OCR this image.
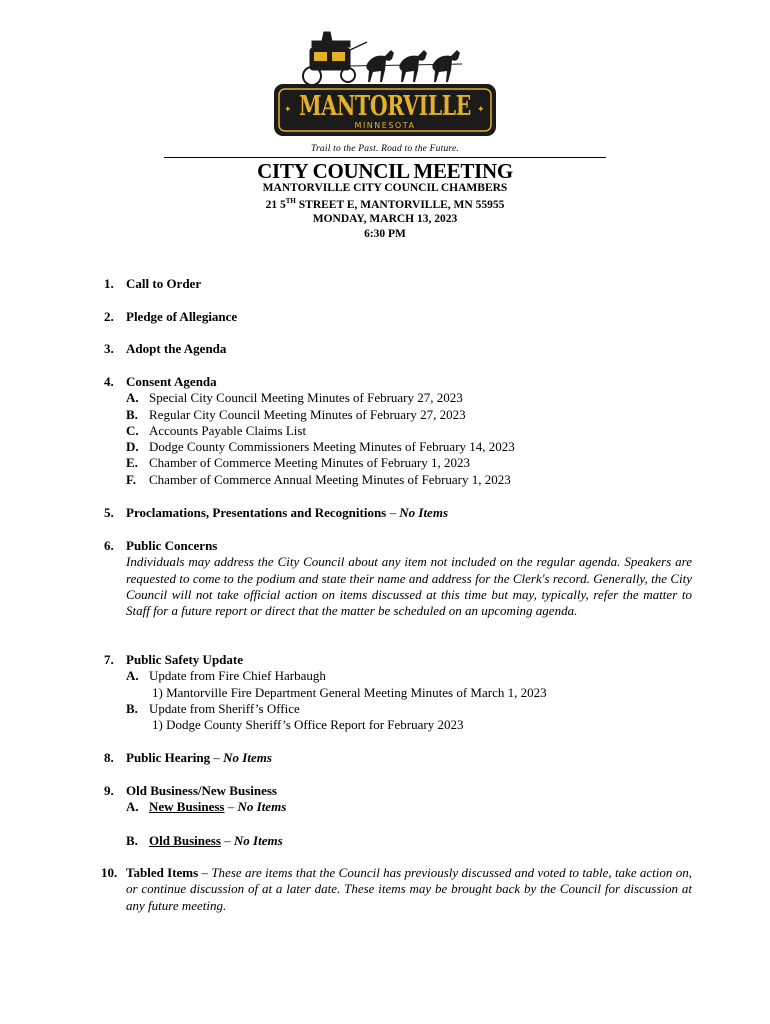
✦	✦
MANTORVILLE
MINNESOTA
Trail to the Past. Road to the Future.
CITY COUNCIL MEETING
MANTORVILLE CITY COUNCIL CHAMBERS
21 5TH STREET E, MANTORVILLE, MN 55955
MONDAY, MARCH 13, 2023
6:30 PM
1. Call to Order
2. Pledge of Allegiance
3. Adopt the Agenda
4. Consent Agenda
A. Special City Council Meeting Minutes of February 27, 2023
B. Regular City Council Meeting Minutes of February 27, 2023
C. Accounts Payable Claims List
D. Dodge County Commissioners Meeting Minutes of February 14, 2023
E. Chamber of Commerce Meeting Minutes of February 1, 2023
F. Chamber of Commerce Annual Meeting Minutes of February 1, 2023
5. Proclamations, Presentations and Recognitions – No Items
6. Public Concerns
Individuals may address the City Council about any item not included on the regular agenda. Speakers are requested to come to the podium and state their name and address for the Clerk's record. Generally, the City Council will not take official action on items discussed at this time but may, typically, refer the matter to Staff for a future report or direct that the matter be scheduled on an upcoming agenda.
7. Public Safety Update
A. Update from Fire Chief Harbaugh
1) Mantorville Fire Department General Meeting Minutes of March 1, 2023
B. Update from Sheriff’s Office
1) Dodge County Sheriff’s Office Report for February 2023
8. Public Hearing – No Items
9. Old Business/New Business
A. New Business – No Items
B. Old Business – No Items
10. Tabled Items – These are items that the Council has previously discussed and voted to table, take action on, or continue discussion of at a later date. These items may be brought back by the Council for discussion at any future meeting.
